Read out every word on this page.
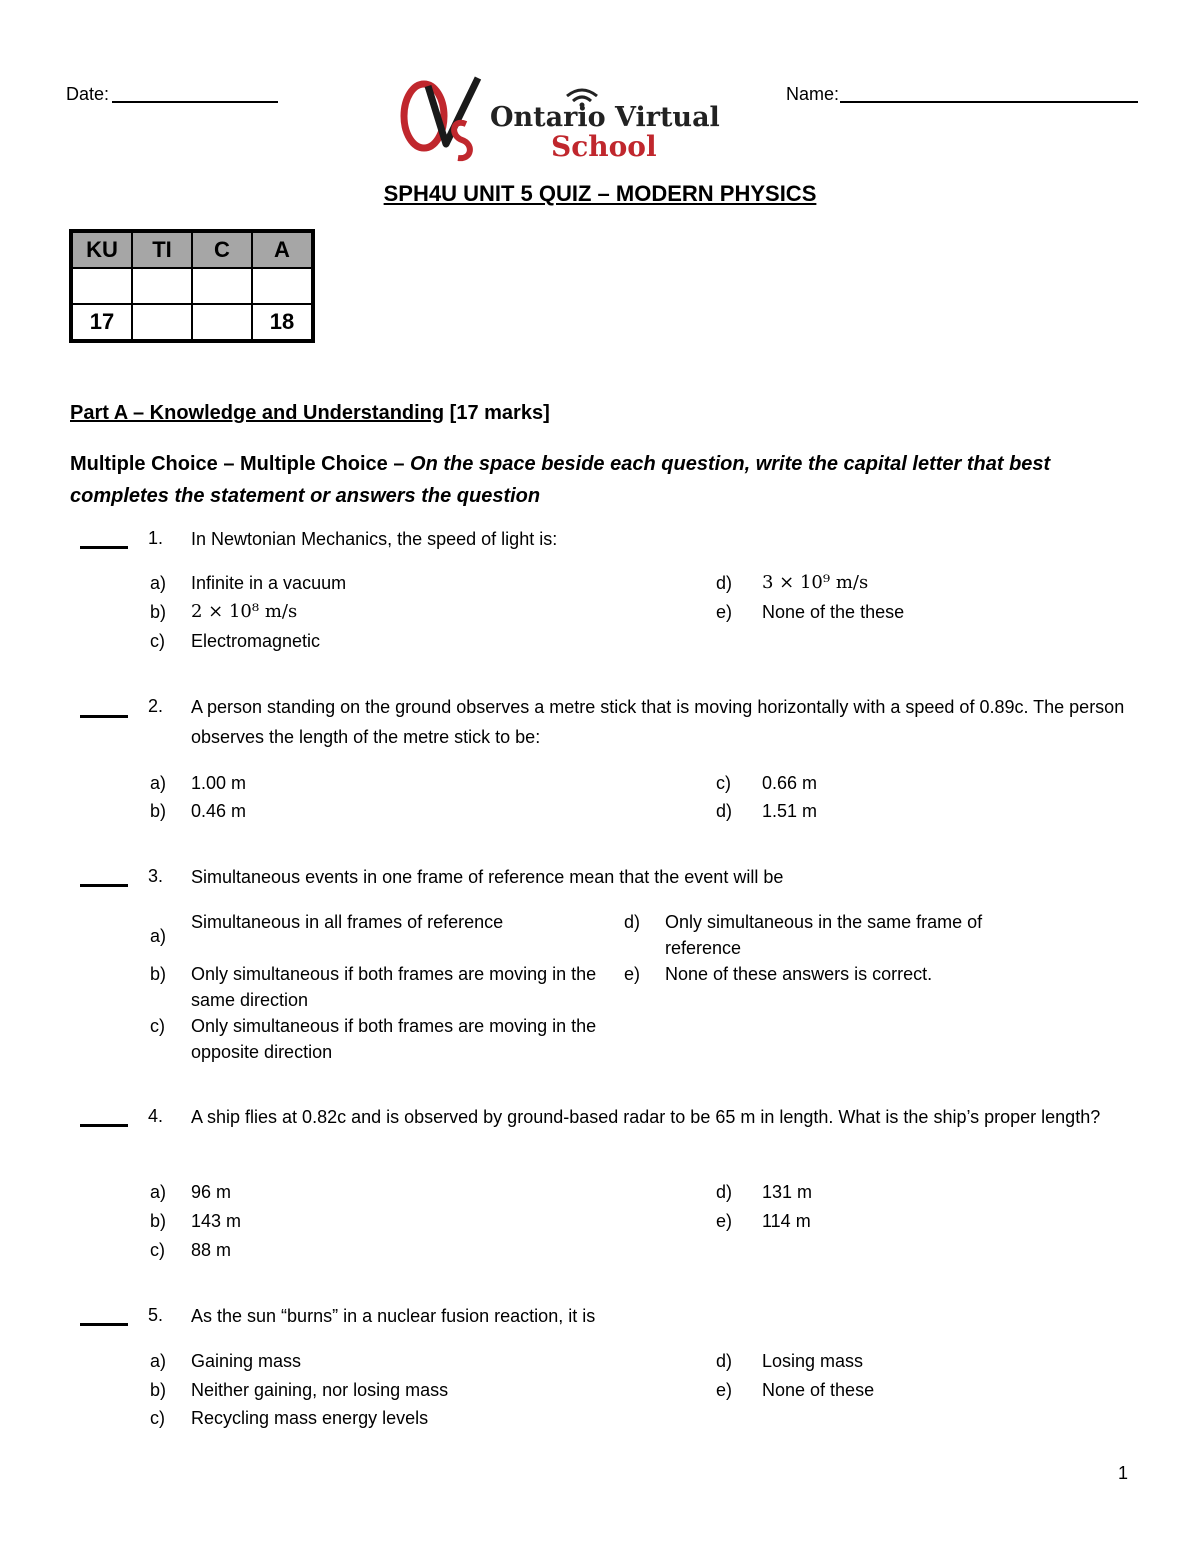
Date:	Name:
Ontario Virtual
School
SPH4U UNIT 5 QUIZ – MODERN PHYSICS
KU	TI	C	A

17			18
Part A – Knowledge and Understanding [17 marks]
Multiple Choice – Multiple Choice – On the space beside each question, write the capital letter that best completes the statement or answers the question
1. In Newtonian Mechanics, the speed of light is:
a) Infinite in a vacuum
b) 2 × 10⁸ m/s
c) Electromagnetic
d) 3 × 10⁹ m/s
e) None of the these
2. A person standing on the ground observes a metre stick that is moving horizontally with a speed of 0.89c. The person observes the length of the metre stick to be:
a) 1.00 m
b) 0.46 m
c) 0.66 m
d) 1.51 m
3. Simultaneous events in one frame of reference mean that the event will be
a)
Simultaneous in all frames of reference
b) Only simultaneous if both frames are moving in the same direction
c) Only simultaneous if both frames are moving in the opposite direction
d) Only simultaneous in the same frame of reference
e) None of these answers is correct.
4. A ship flies at 0.82c and is observed by ground-based radar to be 65 m in length. What is the ship’s proper length?
a) 96 m
b) 143 m
c) 88 m
d) 131 m
e) 114 m
5. As the sun “burns” in a nuclear fusion reaction, it is
a) Gaining mass
b) Neither gaining, nor losing mass
c) Recycling mass energy levels
d) Losing mass
e) None of these
1
